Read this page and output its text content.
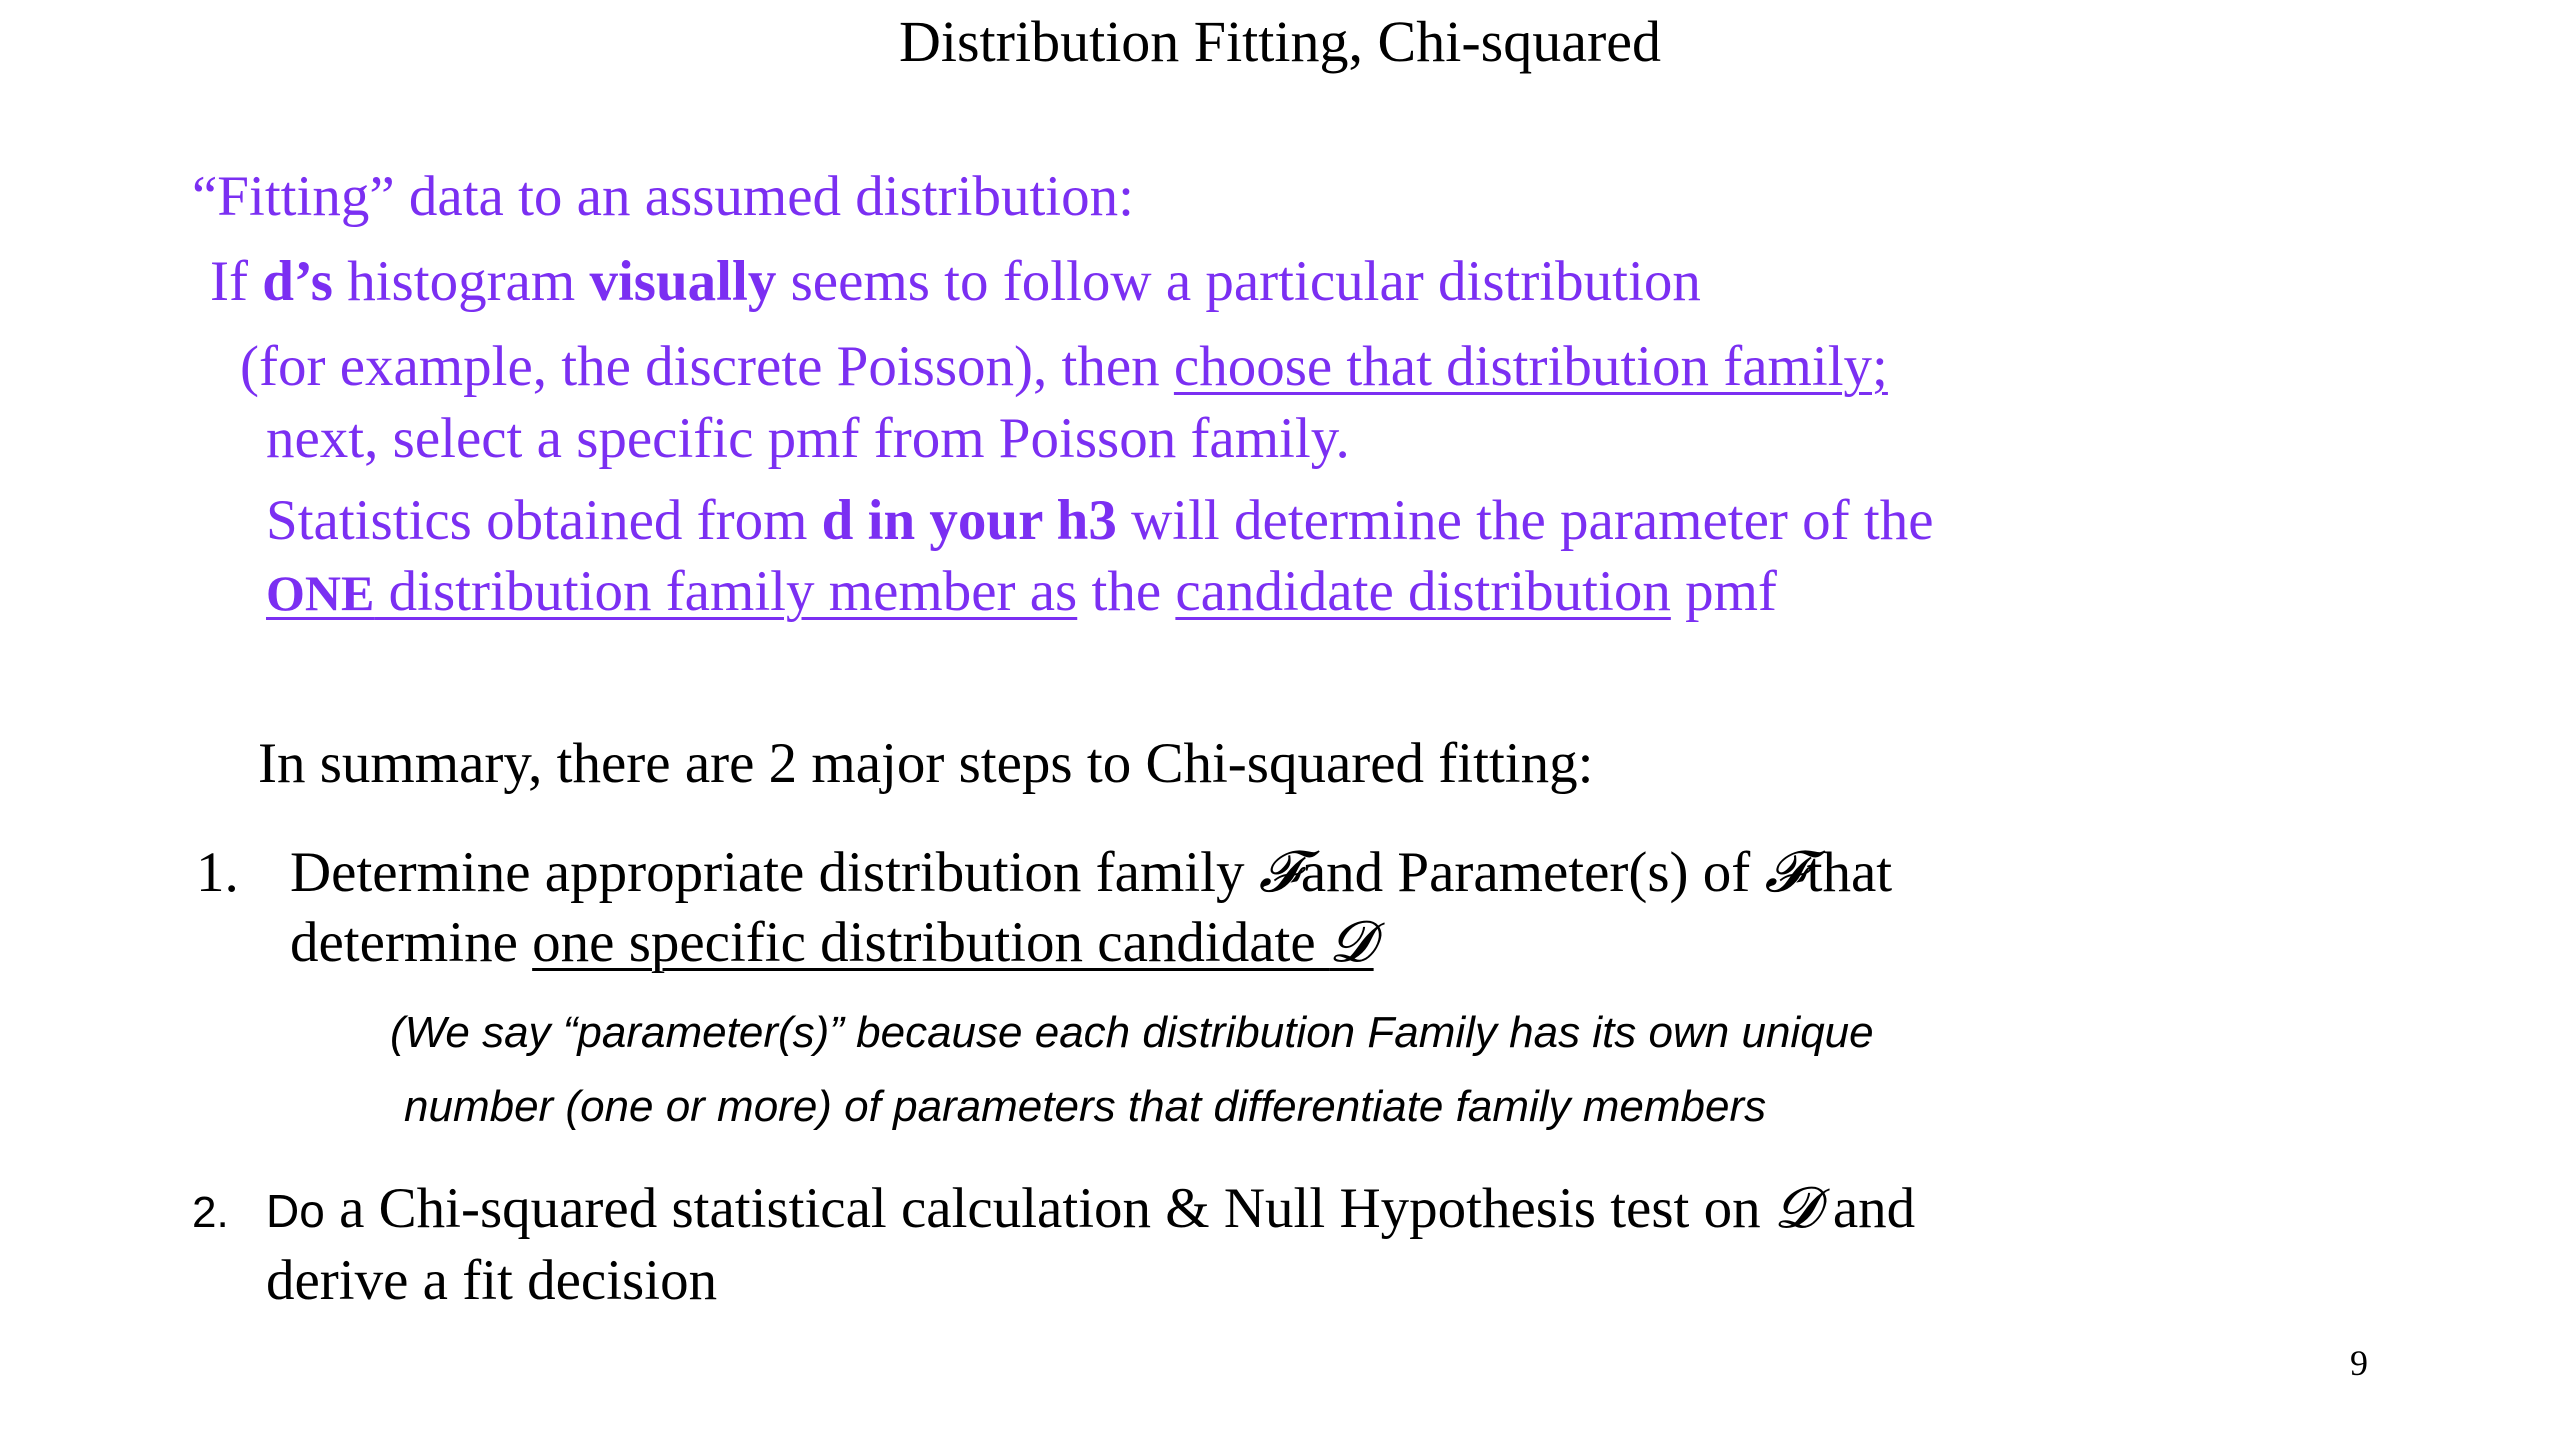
Distribution Fitting, Chi-squared
“Fitting” data to an assumed distribution:
If d’s histogram visually seems to follow a particular distribution
(for example, the discrete Poisson), then choose that distribution family;
next, select a specific pmf from Poisson family.
Statistics obtained from d in your h3 will determine the parameter of the
ONE distribution family member as the candidate distribution pmf
In summary, there are 2 major steps to Chi-squared fitting:
1. Determine appropriate distribution family 𝓕and Parameter(s) of 𝓕that
determine one specific distribution candidate 𝓓
(We say “parameter(s)” because each distribution Family has its own unique
number (one or more) of parameters that differentiate family members
2. Do a Chi-squared statistical calculation & Null Hypothesis test on 𝓓 and
derive a fit decision
9
